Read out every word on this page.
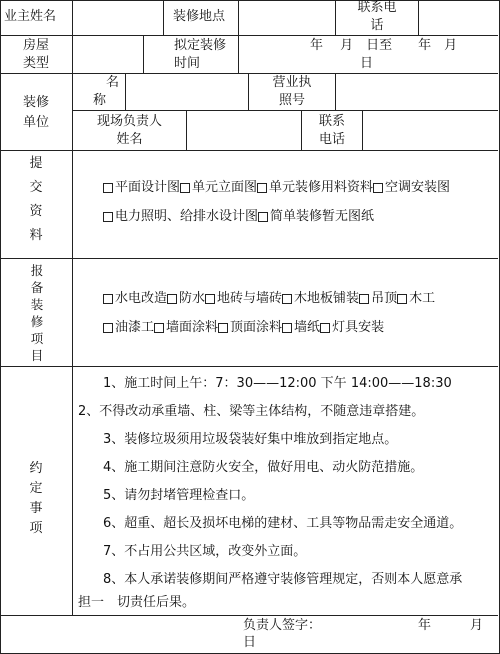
业主姓名	装修地点
联系电
话
房屋
类型
拟定装修
时间
年　 月　日至　　年　月
日
装修
单位
名
称
营业执
照号
现场负责人
姓名
联系
电话
提交资料
平面设计图 单元立面图 单元装修用料资料 空调安装图
电力照明、给排水设计图 简单装修暂无图纸
报备装修项目
水电改造 防水 地砖与墙砖 木地板铺装 吊顶 木工
油漆工 墙面涂料 顶面涂料 墙纸 灯具安装
约定事项
1、施工时间上午：7：30——12:00 下午 14:00——18:30
2、不得改动承重墙、柱、梁等主体结构，不随意违章搭建。
3、装修垃圾须用垃圾袋装好集中堆放到指定地点。
4、施工期间注意防火安全，做好用电、动火防范措施。
5、请勿封堵管理检查口。
6、超重、超长及损坏电梯的建材、工具等物品需走安全通道。
7、不占用公共区域，改变外立面。
8、本人承诺装修期间严格遵守装修管理规定，否则本人愿意承
担一　切责任后果。
负责人签字：	年　　　月
日
